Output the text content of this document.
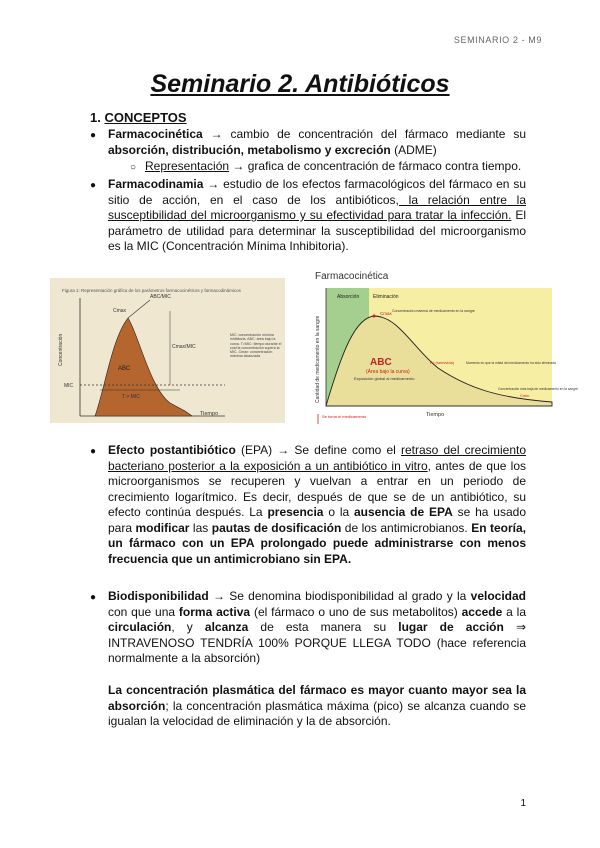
SEMINARIO 2 - M9
Seminario 2. Antibióticos
1. CONCEPTOS
● Farmacocinética → cambio de concentración del fármaco mediante su absorción, distribución, metabolismo y excreción (ADME)
○ Representación → grafica de concentración de fármaco contra tiempo.
● Farmacodinamia → estudio de los efectos farmacológicos del fármaco en su sitio de acción, en el caso de los antibióticos, la relación entre la susceptibilidad del microorganismo y su efectividad para tratar la infección. El parámetro de utilidad para determinar la susceptibilidad del microorganismo es la MIC (Concentración Mínima Inhibitoria).
Figura 1: Representación gráfica de los parámetros farmacocinéticos y farmacodinámicos
Concentración
Tiempo
Cmax
ABC/MIC
Cmax/MIC
ABC
MIC
T > MIC
MIC: concentración mínima inhibitoria. ABC: área bajo la curva. T>MIC: tiempo durante el cual la concentración supera la MIC. Cmax: concentración máxima alcanzada.
Farmacocinética
Absorción	Eliminación
Cantidad de medicamento en la sangre
Tiempo
Cmax Concentración máxima de medicamento en la sangre
ABC
(Área bajo la curva)
Exposición global al medicamento
t½ (semivida)	Momento en que la mitad del medicamento ha sido eliminada
Cmin
Concentración más baja de medicamento en la sangre
Se toma el medicamento
● Efecto postantibiótico (EPA) → Se define como el retraso del crecimiento bacteriano posterior a la exposición a un antibiótico in vitro, antes de que los microorganismos se recuperen y vuelvan a entrar en un periodo de crecimiento logarítmico. Es decir, después de que se de un antibiótico, su efecto continúa después. La presencia o la ausencia de EPA se ha usado para modificar las pautas de dosificación de los antimicrobianos. En teoría, un fármaco con un EPA prolongado puede administrarse con menos frecuencia que un antimicrobiano sin EPA.
● Biodisponibilidad → Se denomina biodisponibilidad al grado y la velocidad con que una forma activa (el fármaco o uno de sus metabolitos) accede a la circulación, y alcanza de esta manera su lugar de acción ⇒ INTRAVENOSO TENDRÍA 100% PORQUE LLEGA TODO (hace referencia normalmente a la absorción)
La concentración plasmática del fármaco es mayor cuanto mayor sea la absorción; la concentración plasmática máxima (pico) se alcanza cuando se igualan la velocidad de eliminación y la de absorción.
1
